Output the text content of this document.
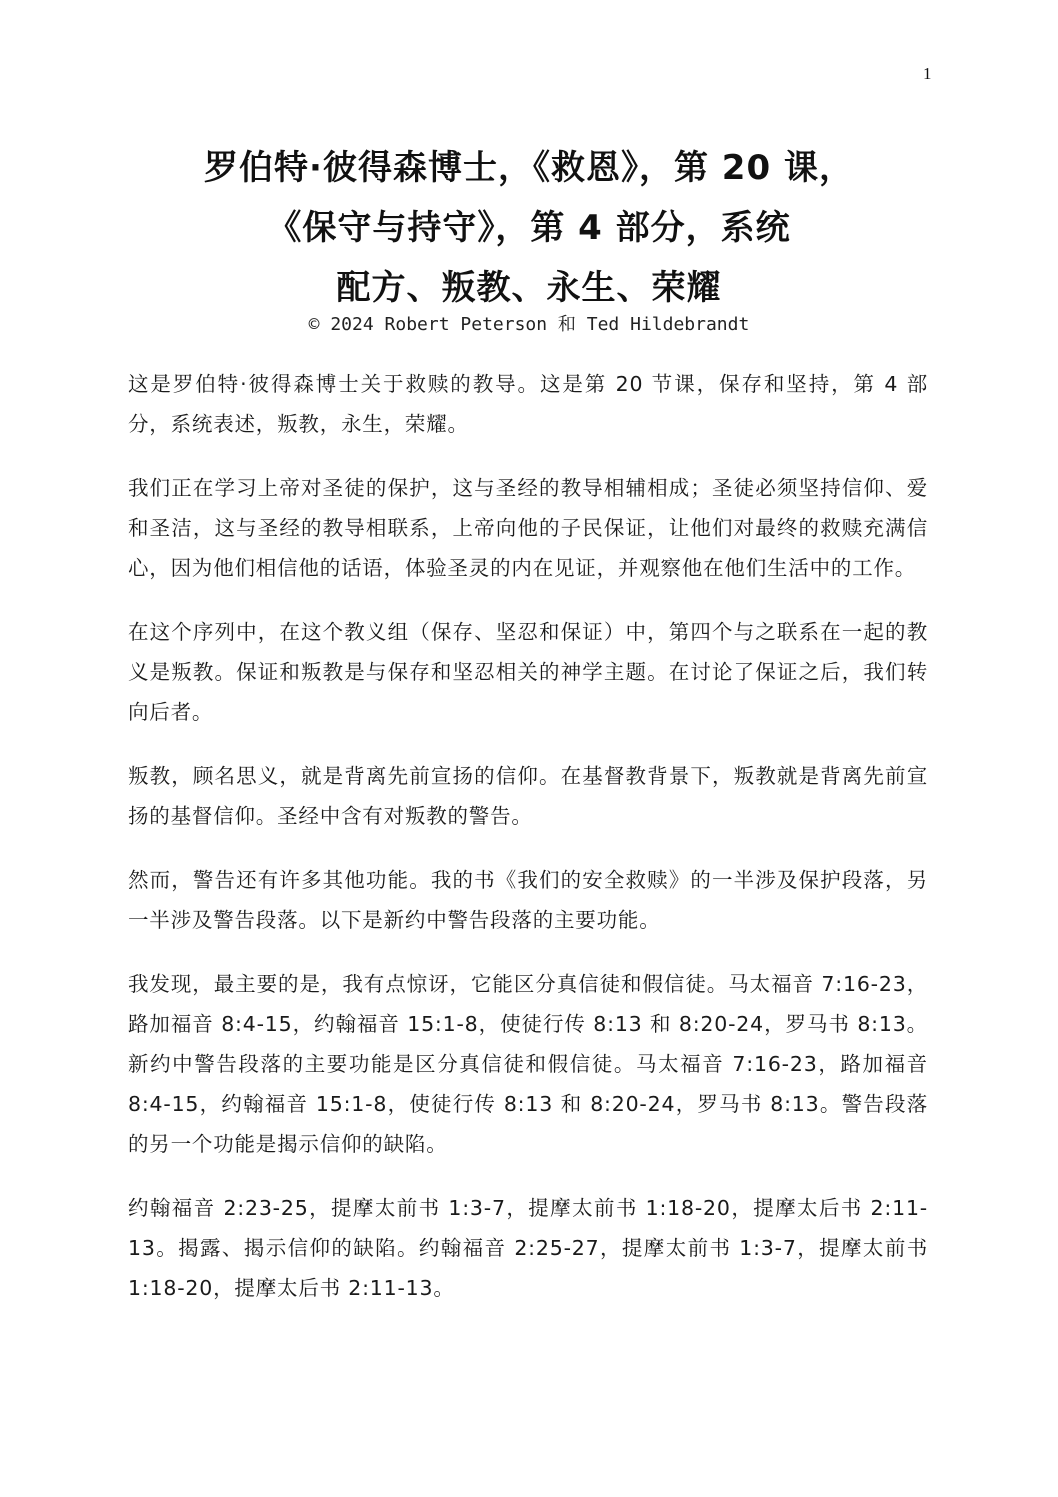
1
罗伯特·彼得森博士，《救恩》，第 20 课，
《保守与持守》，第 4 部分，系统
配方、叛教、永生、荣耀
© 2024 Robert Peterson 和 Ted Hildebrandt

这是罗伯特·彼得森博士关于救赎的教导。这是第 20 节课，保存和坚持，第 4 部分，系统表述，叛教，永生，荣耀。

我们正在学习上帝对圣徒的保护，这与圣经的教导相辅相成；圣徒必须坚持信仰、爱和圣洁，这与圣经的教导相联系，上帝向他的子民保证，让他们对最终的救赎充满信心，因为他们相信他的话语，体验圣灵的内在见证，并观察他在他们生活中的工作。

在这个序列中，在这个教义组（保存、坚忍和保证）中，第四个与之联系在一起的教义是叛教。保证和叛教是与保存和坚忍相关的神学主题。在讨论了保证之后，我们转向后者。

叛教，顾名思义，就是背离先前宣扬的信仰。在基督教背景下，叛教就是背离先前宣扬的基督信仰。圣经中含有对叛教的警告。

然而，警告还有许多其他功能。我的书《我们的安全救赎》的一半涉及保护段落，另一半涉及警告段落。以下是新约中警告段落的主要功能。

我发现，最主要的是，我有点惊讶，它能区分真信徒和假信徒。马太福音 7:16-23，路加福音 8:4-15，约翰福音 15:1-8，使徒行传 8:13 和 8:20-24，罗马书 8:13。新约中警告段落的主要功能是区分真信徒和假信徒。马太福音 7:16-23，路加福音 8:4-15，约翰福音 15:1-8，使徒行传 8:13 和 8:20-24，罗马书 8:13。警告段落的另一个功能是揭示信仰的缺陷。

约翰福音 2:23-25，提摩太前书 1:3-7，提摩太前书 1:18-20，提摩太后书 2:11-13。揭露、揭示信仰的缺陷。约翰福音 2:25-27，提摩太前书 1:3-7，提摩太前书 1:18-20，提摩太后书 2:11-13。
